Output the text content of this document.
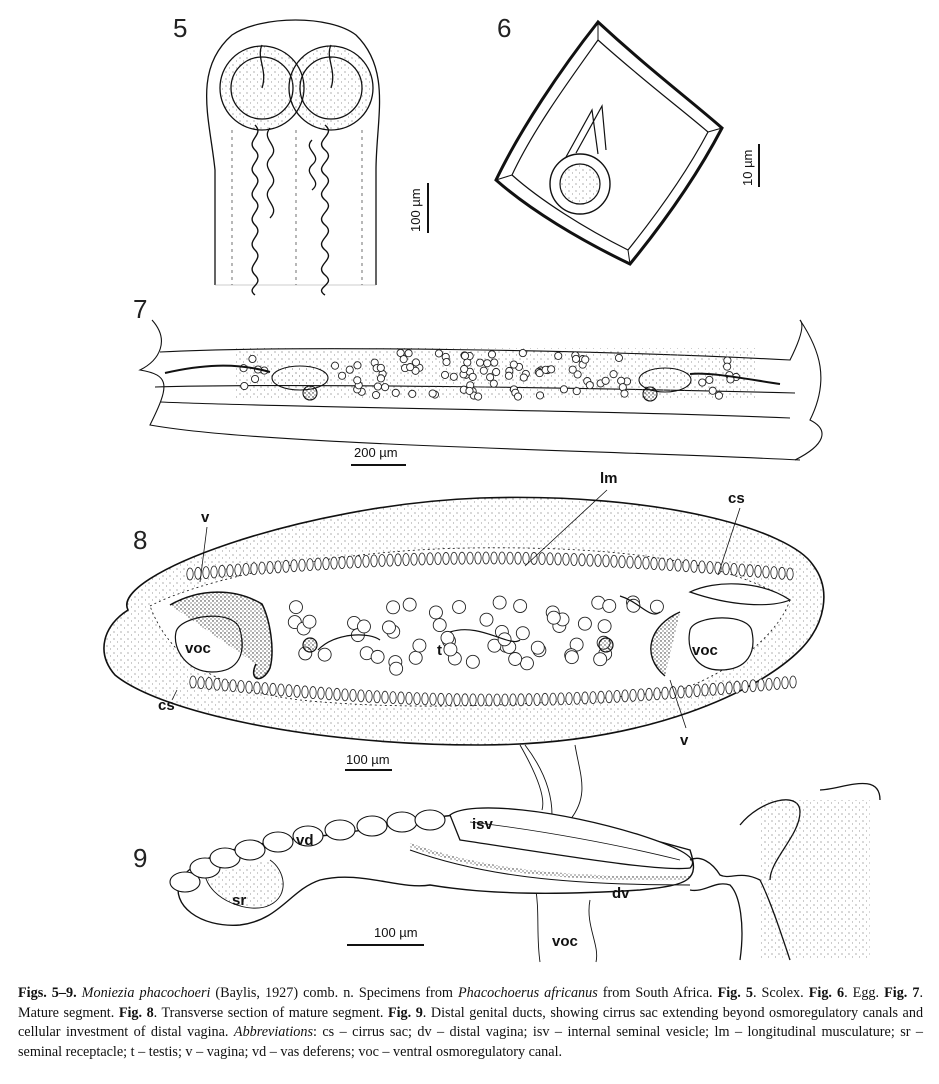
5	6
7
8
9
100 µm
10 µm
200 µm
lm
cs
v
voc	voc
t
cs
v
100 µm
vd
isv
sr	dv
voc
100 µm
Figs. 5–9. Moniezia phacochoeri (Baylis, 1927) comb. n. Specimens from Phacochoerus africanus from South Africa. Fig. 5. Scolex. Fig. 6. Egg. Fig. 7. Mature segment. Fig. 8. Transverse section of mature segment. Fig. 9. Distal genital ducts, showing cirrus sac extending beyond osmoregulatory canals and cellular investment of distal vagina. Abbreviations: cs – cirrus sac; dv – distal vagina; isv – internal seminal vesicle; lm – longitudinal musculature; sr – seminal receptacle; t – testis; v – vagina; vd – vas deferens; voc – ventral osmoregulatory canal.
